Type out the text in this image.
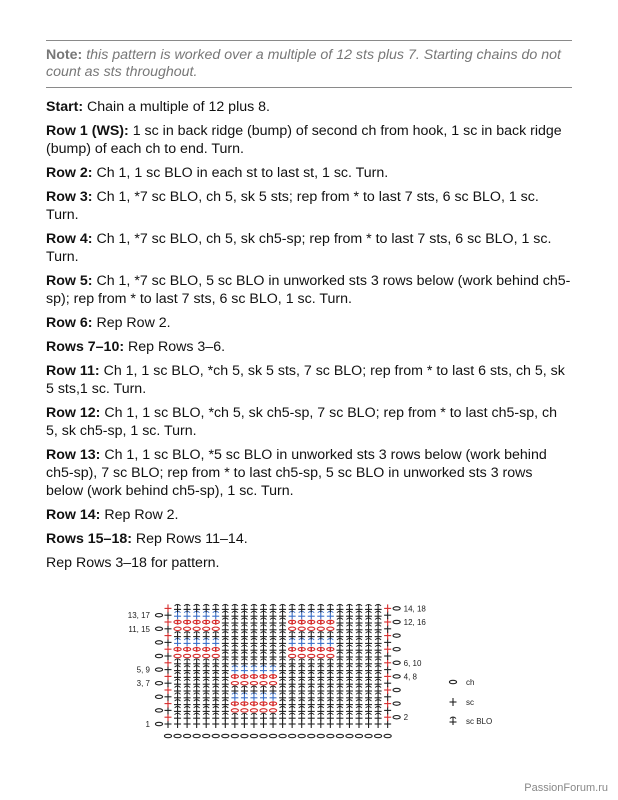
Note: this pattern is worked over a multiple of 12 sts plus 7. Starting chains do not count as sts throughout.

Start: Chain a multiple of 12 plus 8.

Row 1 (WS): 1 sc in back ridge (bump) of second ch from hook, 1 sc in back ridge (bump) of each ch to end. Turn.

Row 2: Ch 1, 1 sc BLO in each st to last st, 1 sc. Turn.

Row 3: Ch 1, *7 sc BLO, ch 5, sk 5 sts; rep from * to last 7 sts, 6 sc BLO, 1 sc. Turn.

Row 4: Ch 1, *7 sc BLO, ch 5, sk ch5-sp; rep from * to last 7 sts, 6 sc BLO, 1 sc. Turn.

Row 5: Ch 1, *7 sc BLO, 5 sc BLO in unworked sts 3 rows below (work behind ch5-sp); rep from * to last 7 sts, 6 sc BLO, 1 sc. Turn.

Row 6: Rep Row 2.

Rows 7–10: Rep Rows 3–6.

Row 11: Ch 1, 1 sc BLO, *ch 5, sk 5 sts, 7 sc BLO; rep from * to last 6 sts, ch 5, sk 5 sts,1 sc. Turn.

Row 12: Ch 1, 1 sc BLO, *ch 5, sk ch5-sp, 7 sc BLO; rep from * to last ch5-sp, ch 5, sk ch5-sp, 1 sc. Turn.

Row 13: Ch 1, 1 sc BLO, *5 sc BLO in unworked sts 3 rows below (work behind ch5-sp), 7 sc BLO; rep from * to last ch5-sp, 5 sc BLO in unworked sts 3 rows below (work behind ch5-sp), 1 sc. Turn.

Row 14: Rep Row 2.

Rows 15–18: Rep Rows 11–14.

Rep Rows 3–18 for pattern.

13, 17
11, 15
5, 9
3, 7
1
14, 18
12, 16
6, 10
4, 8
2
ch
sc
sc BLO
PassionForum.ru
